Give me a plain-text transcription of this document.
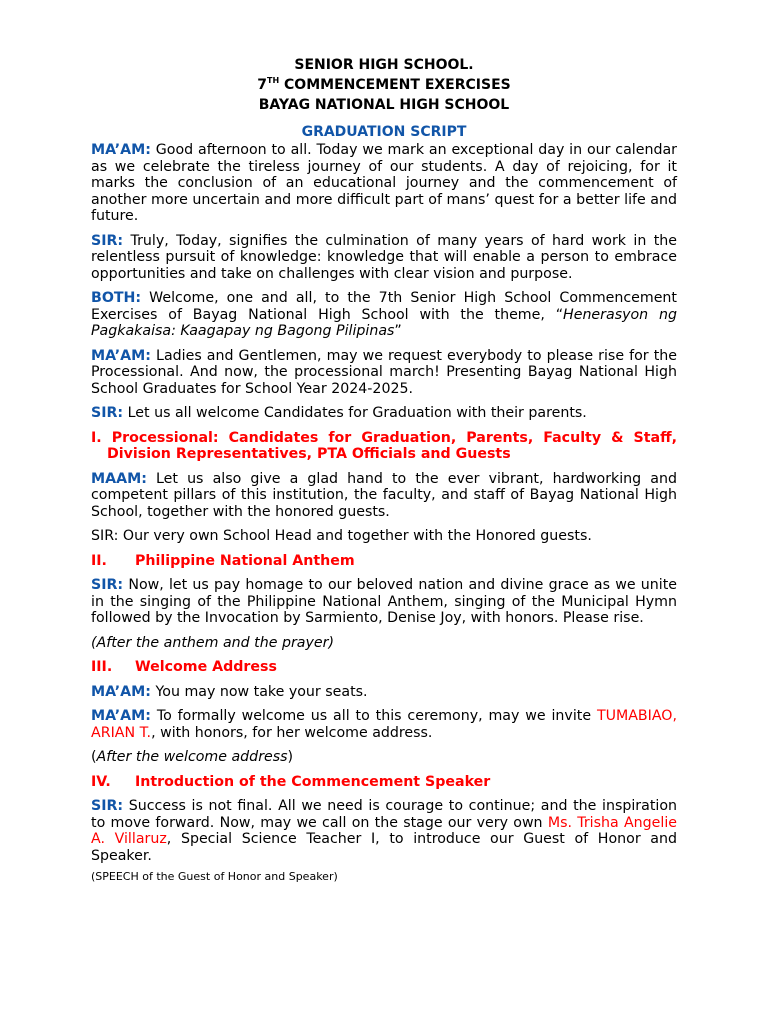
SENIOR HIGH SCHOOL.

7TH COMMENCEMENT EXERCISES

BAYAG NATIONAL HIGH SCHOOL

GRADUATION SCRIPT

MA’AM: Good afternoon to all. Today we mark an exceptional day in our calendar as we celebrate the tireless journey of our students. A day of rejoicing, for it marks the conclusion of an educational journey and the commencement of another more uncertain and more difficult part of mans’ quest for a better life and future.

SIR: Truly, Today, signifies the culmination of many years of hard work in the relentless pursuit of knowledge: knowledge that will enable a person to embrace opportunities and take on challenges with clear vision and purpose.

BOTH: Welcome, one and all, to the 7th Senior High School Commencement Exercises of Bayag National High School with the theme, “Henerasyon ng Pagkakaisa: Kaagapay ng Bagong Pilipinas”

MA’AM: Ladies and Gentlemen, may we request everybody to please rise for the Processional. And now, the processional march! Presenting Bayag National High School Graduates for School Year 2024-2025.

SIR: Let us all welcome Candidates for Graduation with their parents.

I. Processional: Candidates for Graduation, Parents, Faculty & Staff, Division Representatives, PTA Officials and Guests

MAAM: Let us also give a glad hand to the ever vibrant, hardworking and competent pillars of this institution, the faculty, and staff of Bayag National High School, together with the honored guests.

SIR: Our very own School Head and together with the Honored guests.

II. Philippine National Anthem

SIR: Now, let us pay homage to our beloved nation and divine grace as we unite in the singing of the Philippine National Anthem, singing of the Municipal Hymn followed by the Invocation by Sarmiento, Denise Joy, with honors. Please rise.

(After the anthem and the prayer)

III. Welcome Address

MA’AM: You may now take your seats.

MA’AM: To formally welcome us all to this ceremony, may we invite TUMABIAO, ARIAN T., with honors, for her welcome address.

(After the welcome address)

IV. Introduction of the Commencement Speaker

SIR: Success is not final. All we need is courage to continue; and the inspiration to move forward. Now, may we call on the stage our very own Ms. Trisha Angelie A. Villaruz, Special Science Teacher I, to introduce our Guest of Honor and Speaker.

(SPEECH of the Guest of Honor and Speaker)
